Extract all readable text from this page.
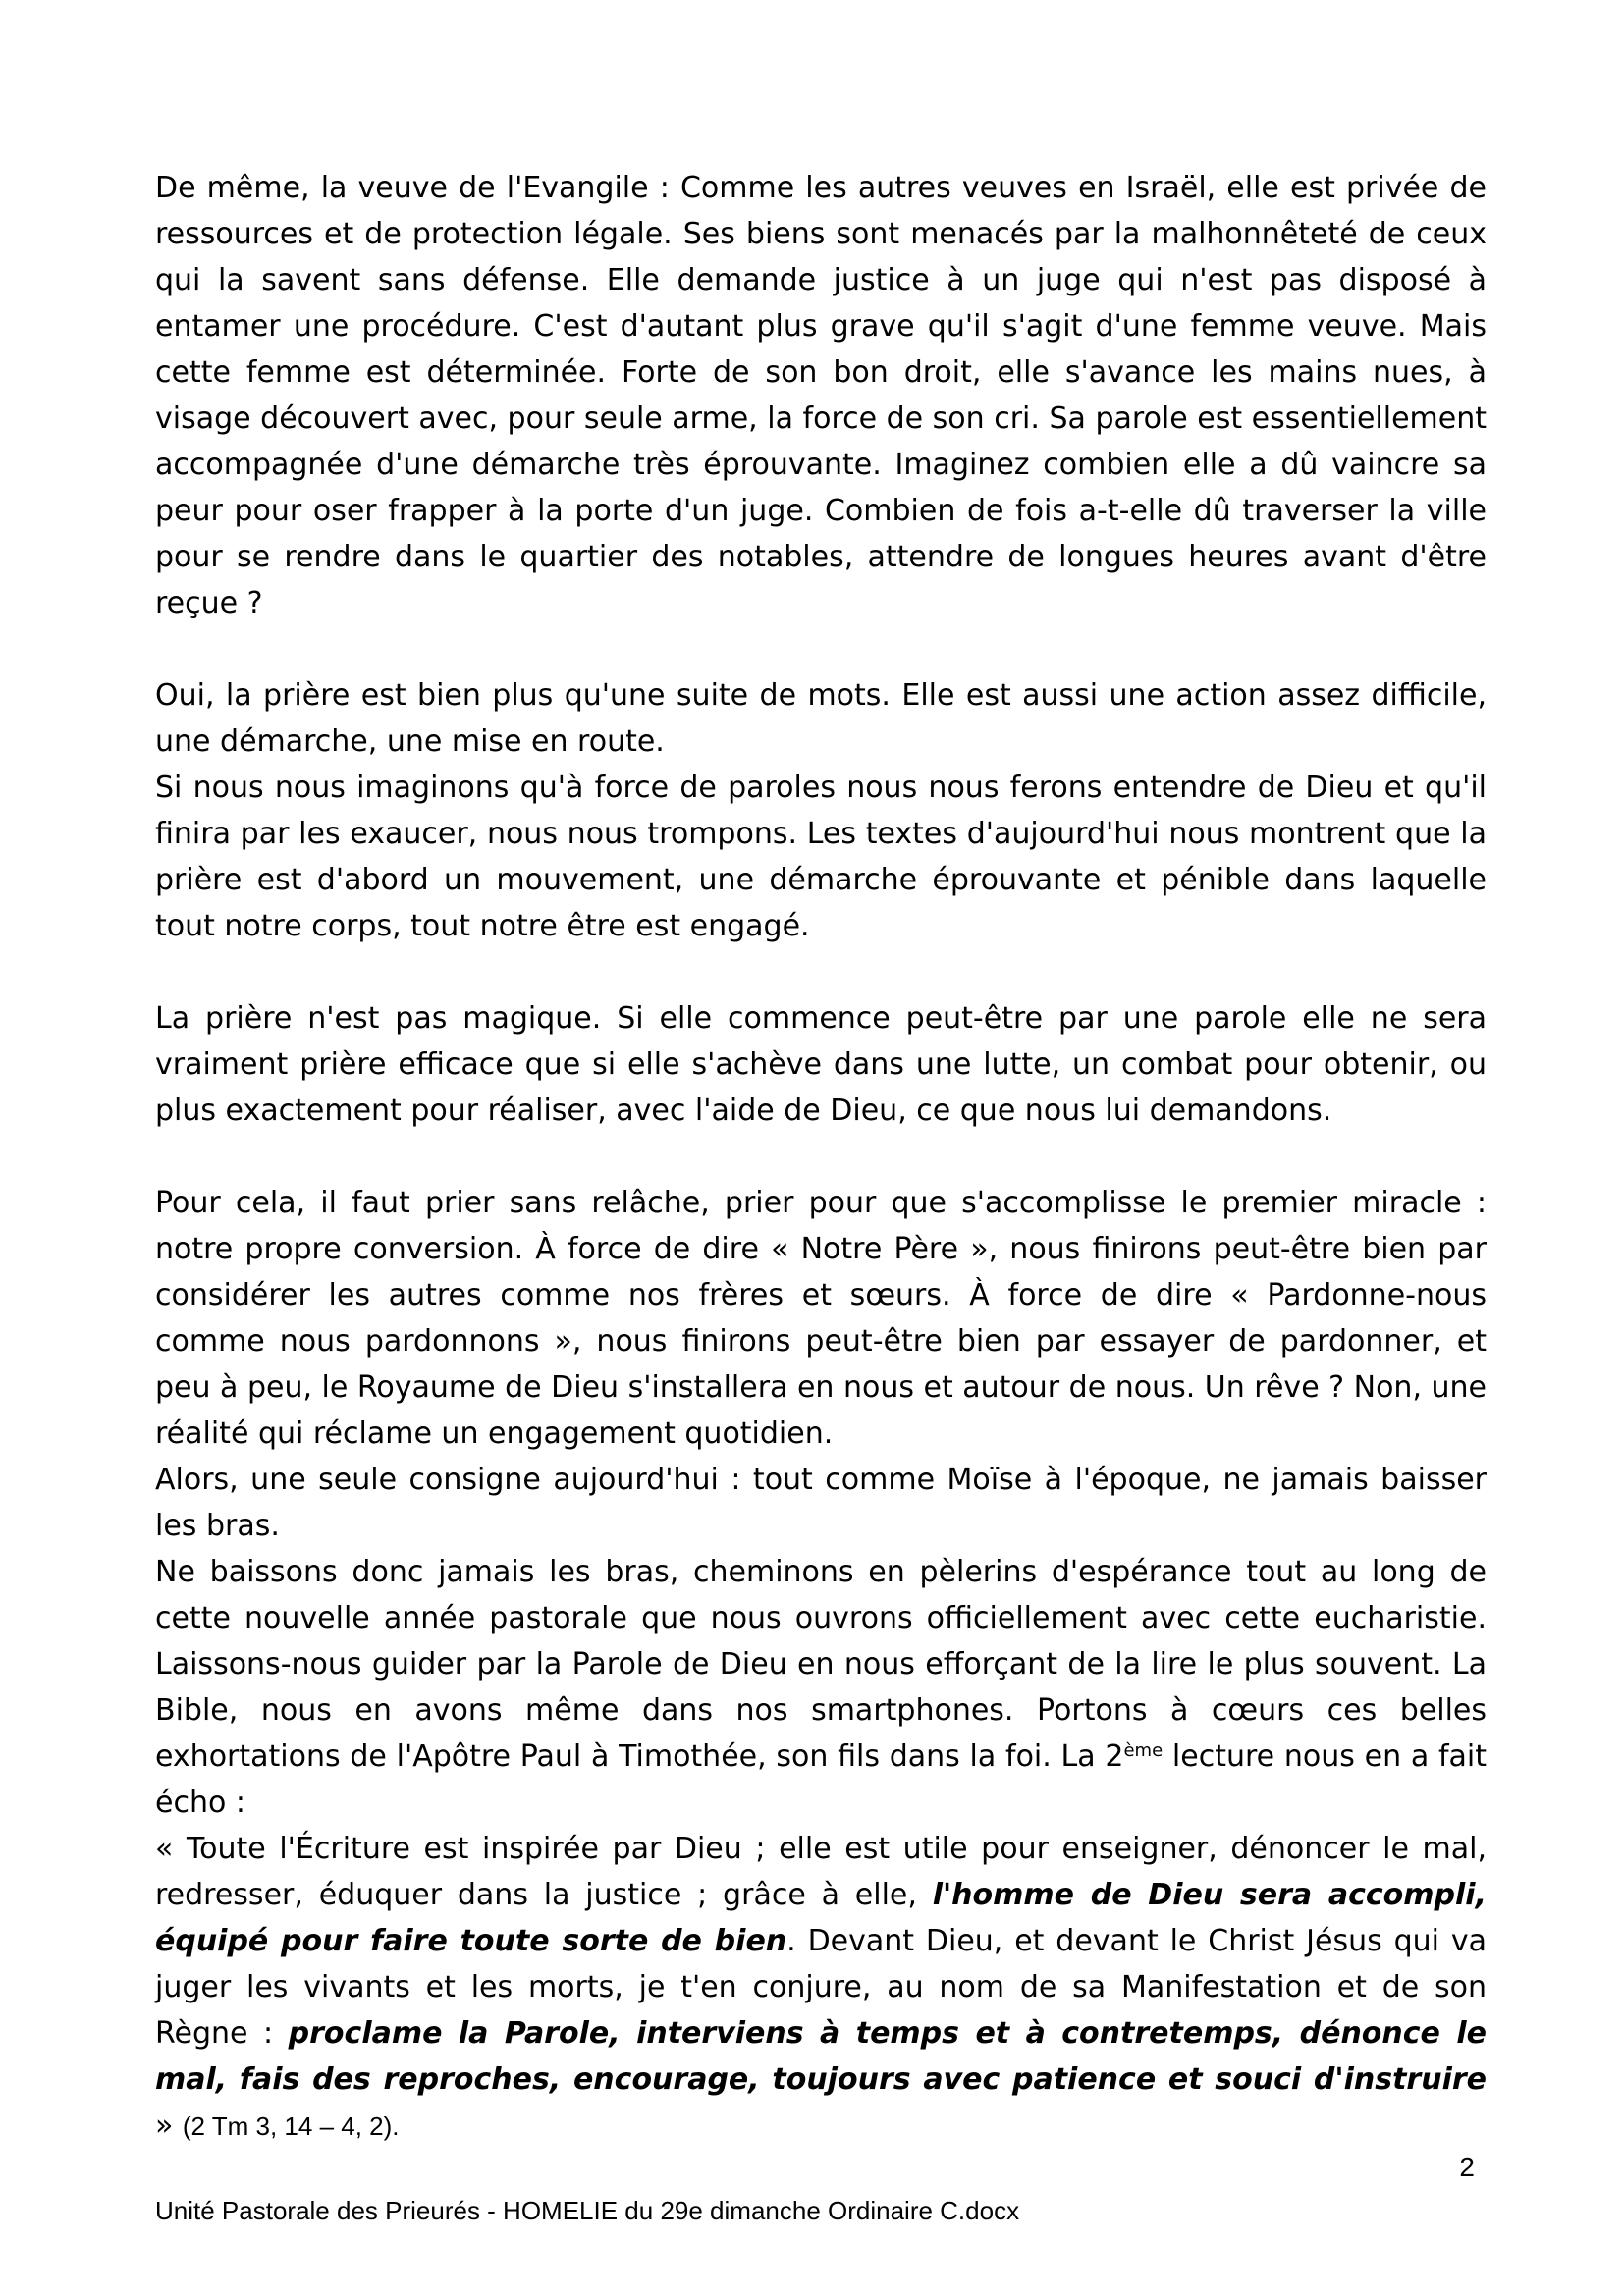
De même, la veuve de l'Evangile : Comme les autres veuves en Israël, elle est privée de ressources et de protection légale. Ses biens sont menacés par la malhonnêteté de ceux qui la savent sans défense. Elle demande justice à un juge qui n'est pas disposé à entamer une procédure. C'est d'autant plus grave qu'il s'agit d'une femme veuve. Mais cette femme est déterminée. Forte de son bon droit, elle s'avance les mains nues, à visage découvert avec, pour seule arme, la force de son cri. Sa parole est essentiellement accompagnée d'une démarche très éprouvante. Imaginez combien elle a dû vaincre sa peur pour oser frapper à la porte d'un juge. Combien de fois a-t-elle dû traverser la ville pour se rendre dans le quartier des notables, attendre de longues heures avant d'être reçue ?

Oui, la prière est bien plus qu'une suite de mots. Elle est aussi une action assez difficile, une démarche, une mise en route.

Si nous nous imaginons qu'à force de paroles nous nous ferons entendre de Dieu et qu'il finira par les exaucer, nous nous trompons. Les textes d'aujourd'hui nous montrent que la prière est d'abord un mouvement, une démarche éprouvante et pénible dans laquelle tout notre corps, tout notre être est engagé.

La prière n'est pas magique. Si elle commence peut-être par une parole elle ne sera vraiment prière efficace que si elle s'achève dans une lutte, un combat pour obtenir, ou plus exactement pour réaliser, avec l'aide de Dieu, ce que nous lui demandons.

Pour cela, il faut prier sans relâche, prier pour que s'accomplisse le premier miracle : notre propre conversion. À force de dire « Notre Père », nous finirons peut-être bien par considérer les autres comme nos frères et sœurs. À force de dire « Pardonne-nous comme nous pardonnons », nous finirons peut-être bien par essayer de pardonner, et peu à peu, le Royaume de Dieu s'installera en nous et autour de nous. Un rêve ? Non, une réalité qui réclame un engagement quotidien.

Alors, une seule consigne aujourd'hui : tout comme Moïse à l'époque, ne jamais baisser les bras.

Ne baissons donc jamais les bras, cheminons en pèlerins d'espérance tout au long de cette nouvelle année pastorale que nous ouvrons officiellement avec cette eucharistie. Laissons-nous guider par la Parole de Dieu en nous efforçant de la lire le plus souvent. La Bible, nous en avons même dans nos smartphones. Portons à cœurs ces belles exhortations de l'Apôtre Paul à Timothée, son fils dans la foi. La 2ème lecture nous en a fait écho :

« Toute l'Écriture est inspirée par Dieu ; elle est utile pour enseigner, dénoncer le mal, redresser, éduquer dans la justice ; grâce à elle, l'homme de Dieu sera accompli, équipé pour faire toute sorte de bien. Devant Dieu, et devant le Christ Jésus qui va juger les vivants et les morts, je t'en conjure, au nom de sa Manifestation et de son Règne : proclame la Parole, interviens à temps et à contretemps, dénonce le mal, fais des reproches, encourage, toujours avec patience et souci d'instruire » (2 Tm 3, 14 – 4, 2).

2
Unité Pastorale des Prieurés - HOMELIE du 29e dimanche Ordinaire C.docx
